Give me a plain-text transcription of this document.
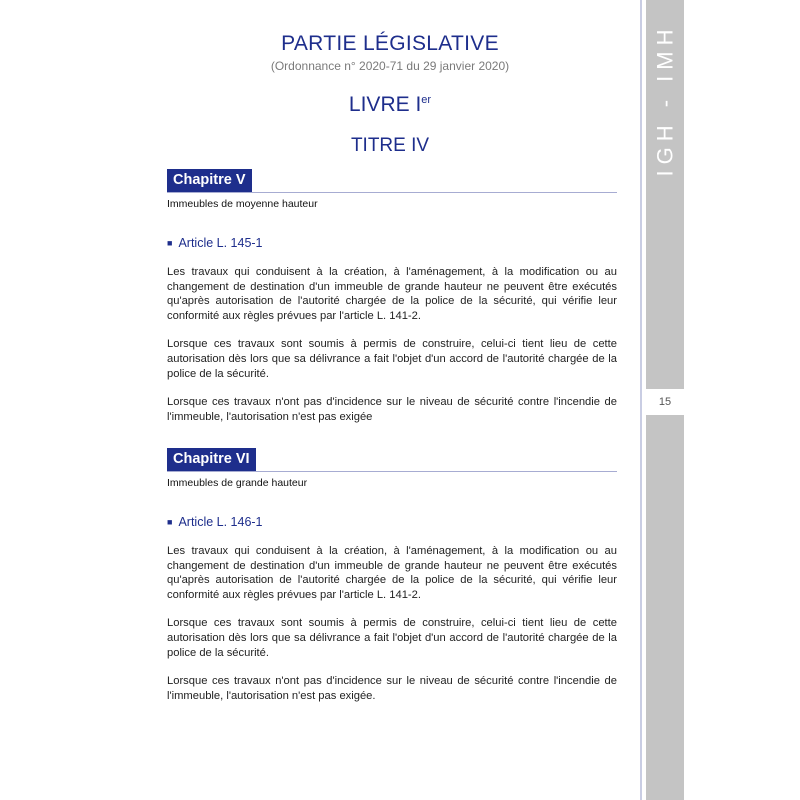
IGH - IMH
15
PARTIE LÉGISLATIVE
(Ordonnance n° 2020-71 du 29 janvier 2020)
LIVRE Ier
TITRE IV
Chapitre V
Immeubles de moyenne hauteur
■ Article L. 145-1

Les travaux qui conduisent à la création, à l'aménagement, à la modification ou au changement de destination d'un immeuble de grande hauteur ne peuvent être exécutés qu'après autorisation de l'autorité chargée de la police de la sécurité, qui vérifie leur conformité aux règles prévues par l'article L. 141-2.

Lorsque ces travaux sont soumis à permis de construire, celui-ci tient lieu de cette autorisation dès lors que sa délivrance a fait l'objet d'un accord de l'autorité chargée de la police de la sécurité.

Lorsque ces travaux n'ont pas d'incidence sur le niveau de sécurité contre l'incendie de l'immeuble, l'autorisation n'est pas exigée

Chapitre VI
Immeubles de grande hauteur
■ Article L. 146-1

Les travaux qui conduisent à la création, à l'aménagement, à la modification ou au changement de destination d'un immeuble de grande hauteur ne peuvent être exécutés qu'après autorisation de l'autorité chargée de la police de la sécurité, qui vérifie leur conformité aux règles prévues par l'article L. 141-2.

Lorsque ces travaux sont soumis à permis de construire, celui-ci tient lieu de cette autorisation dès lors que sa délivrance a fait l'objet d'un accord de l'autorité chargée de la police de la sécurité.

Lorsque ces travaux n'ont pas d'incidence sur le niveau de sécurité contre l'incendie de l'immeuble, l'autorisation n'est pas exigée.
